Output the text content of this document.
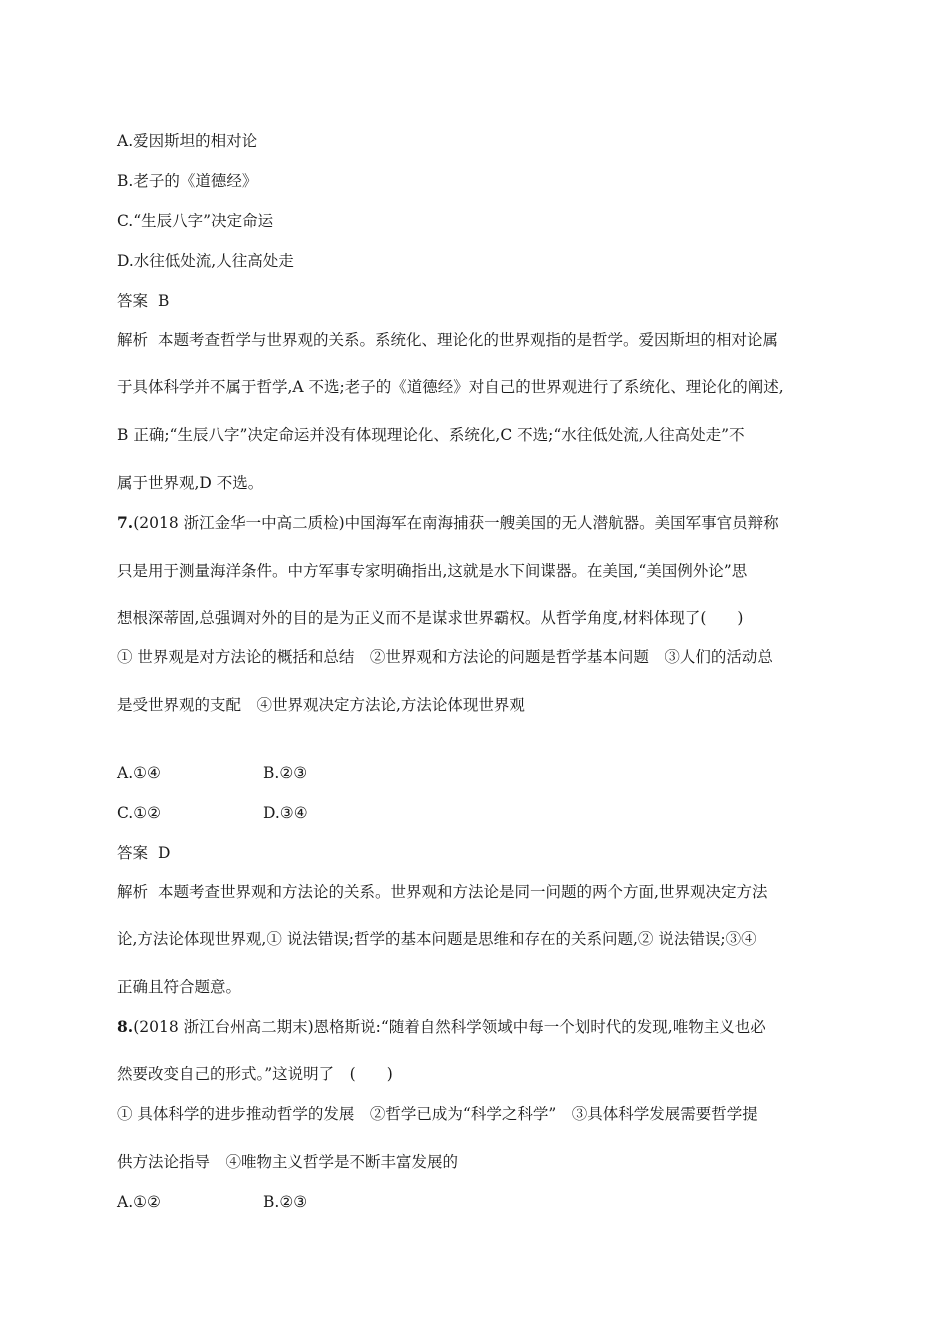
A.爱因斯坦的相对论
B.老子的《道德经》
C.“生辰八字”决定命运
D.水往低处流,人往高处走
答案 B
解析 本题考查哲学与世界观的关系。系统化、理论化的世界观指的是哲学。爱因斯坦的相对论属
于具体科学并不属于哲学,A 不选;老子的《道德经》对自己的世界观进行了系统化、理论化的阐述,
B 正确;“生辰八字”决定命运并没有体现理论化、系统化,C 不选;“水往低处流,人往高处走”不
属于世界观,D 不选。
7.(2018 浙江金华一中高二质检)中国海军在南海捕获一艘美国的无人潜航器。美国军事官员辩称
只是用于测量海洋条件。中方军事专家明确指出,这就是水下间谍器。在美国,“美国例外论”思
想根深蒂固,总强调对外的目的是为正义而不是谋求世界霸权。从哲学角度,材料体现了(　　)
① 世界观是对方法论的概括和总结　②世界观和方法论的问题是哲学基本问题　③人们的活动总
是受世界观的支配　④世界观决定方法论,方法论体现世界观
A.①④	B.②③
C.①②	D.③④
答案 D
解析 本题考查世界观和方法论的关系。世界观和方法论是同一问题的两个方面,世界观决定方法
论,方法论体现世界观,① 说法错误;哲学的基本问题是思维和存在的关系问题,② 说法错误;③④
正确且符合题意。
8.(2018 浙江台州高二期末)恩格斯说:“随着自然科学领域中每一个划时代的发现,唯物主义也必
然要改变自己的形式。”这说明了　(　　)
① 具体科学的进步推动哲学的发展　②哲学已成为“科学之科学”　③具体科学发展需要哲学提
供方法论指导　④唯物主义哲学是不断丰富发展的
A.①②	B.②③
